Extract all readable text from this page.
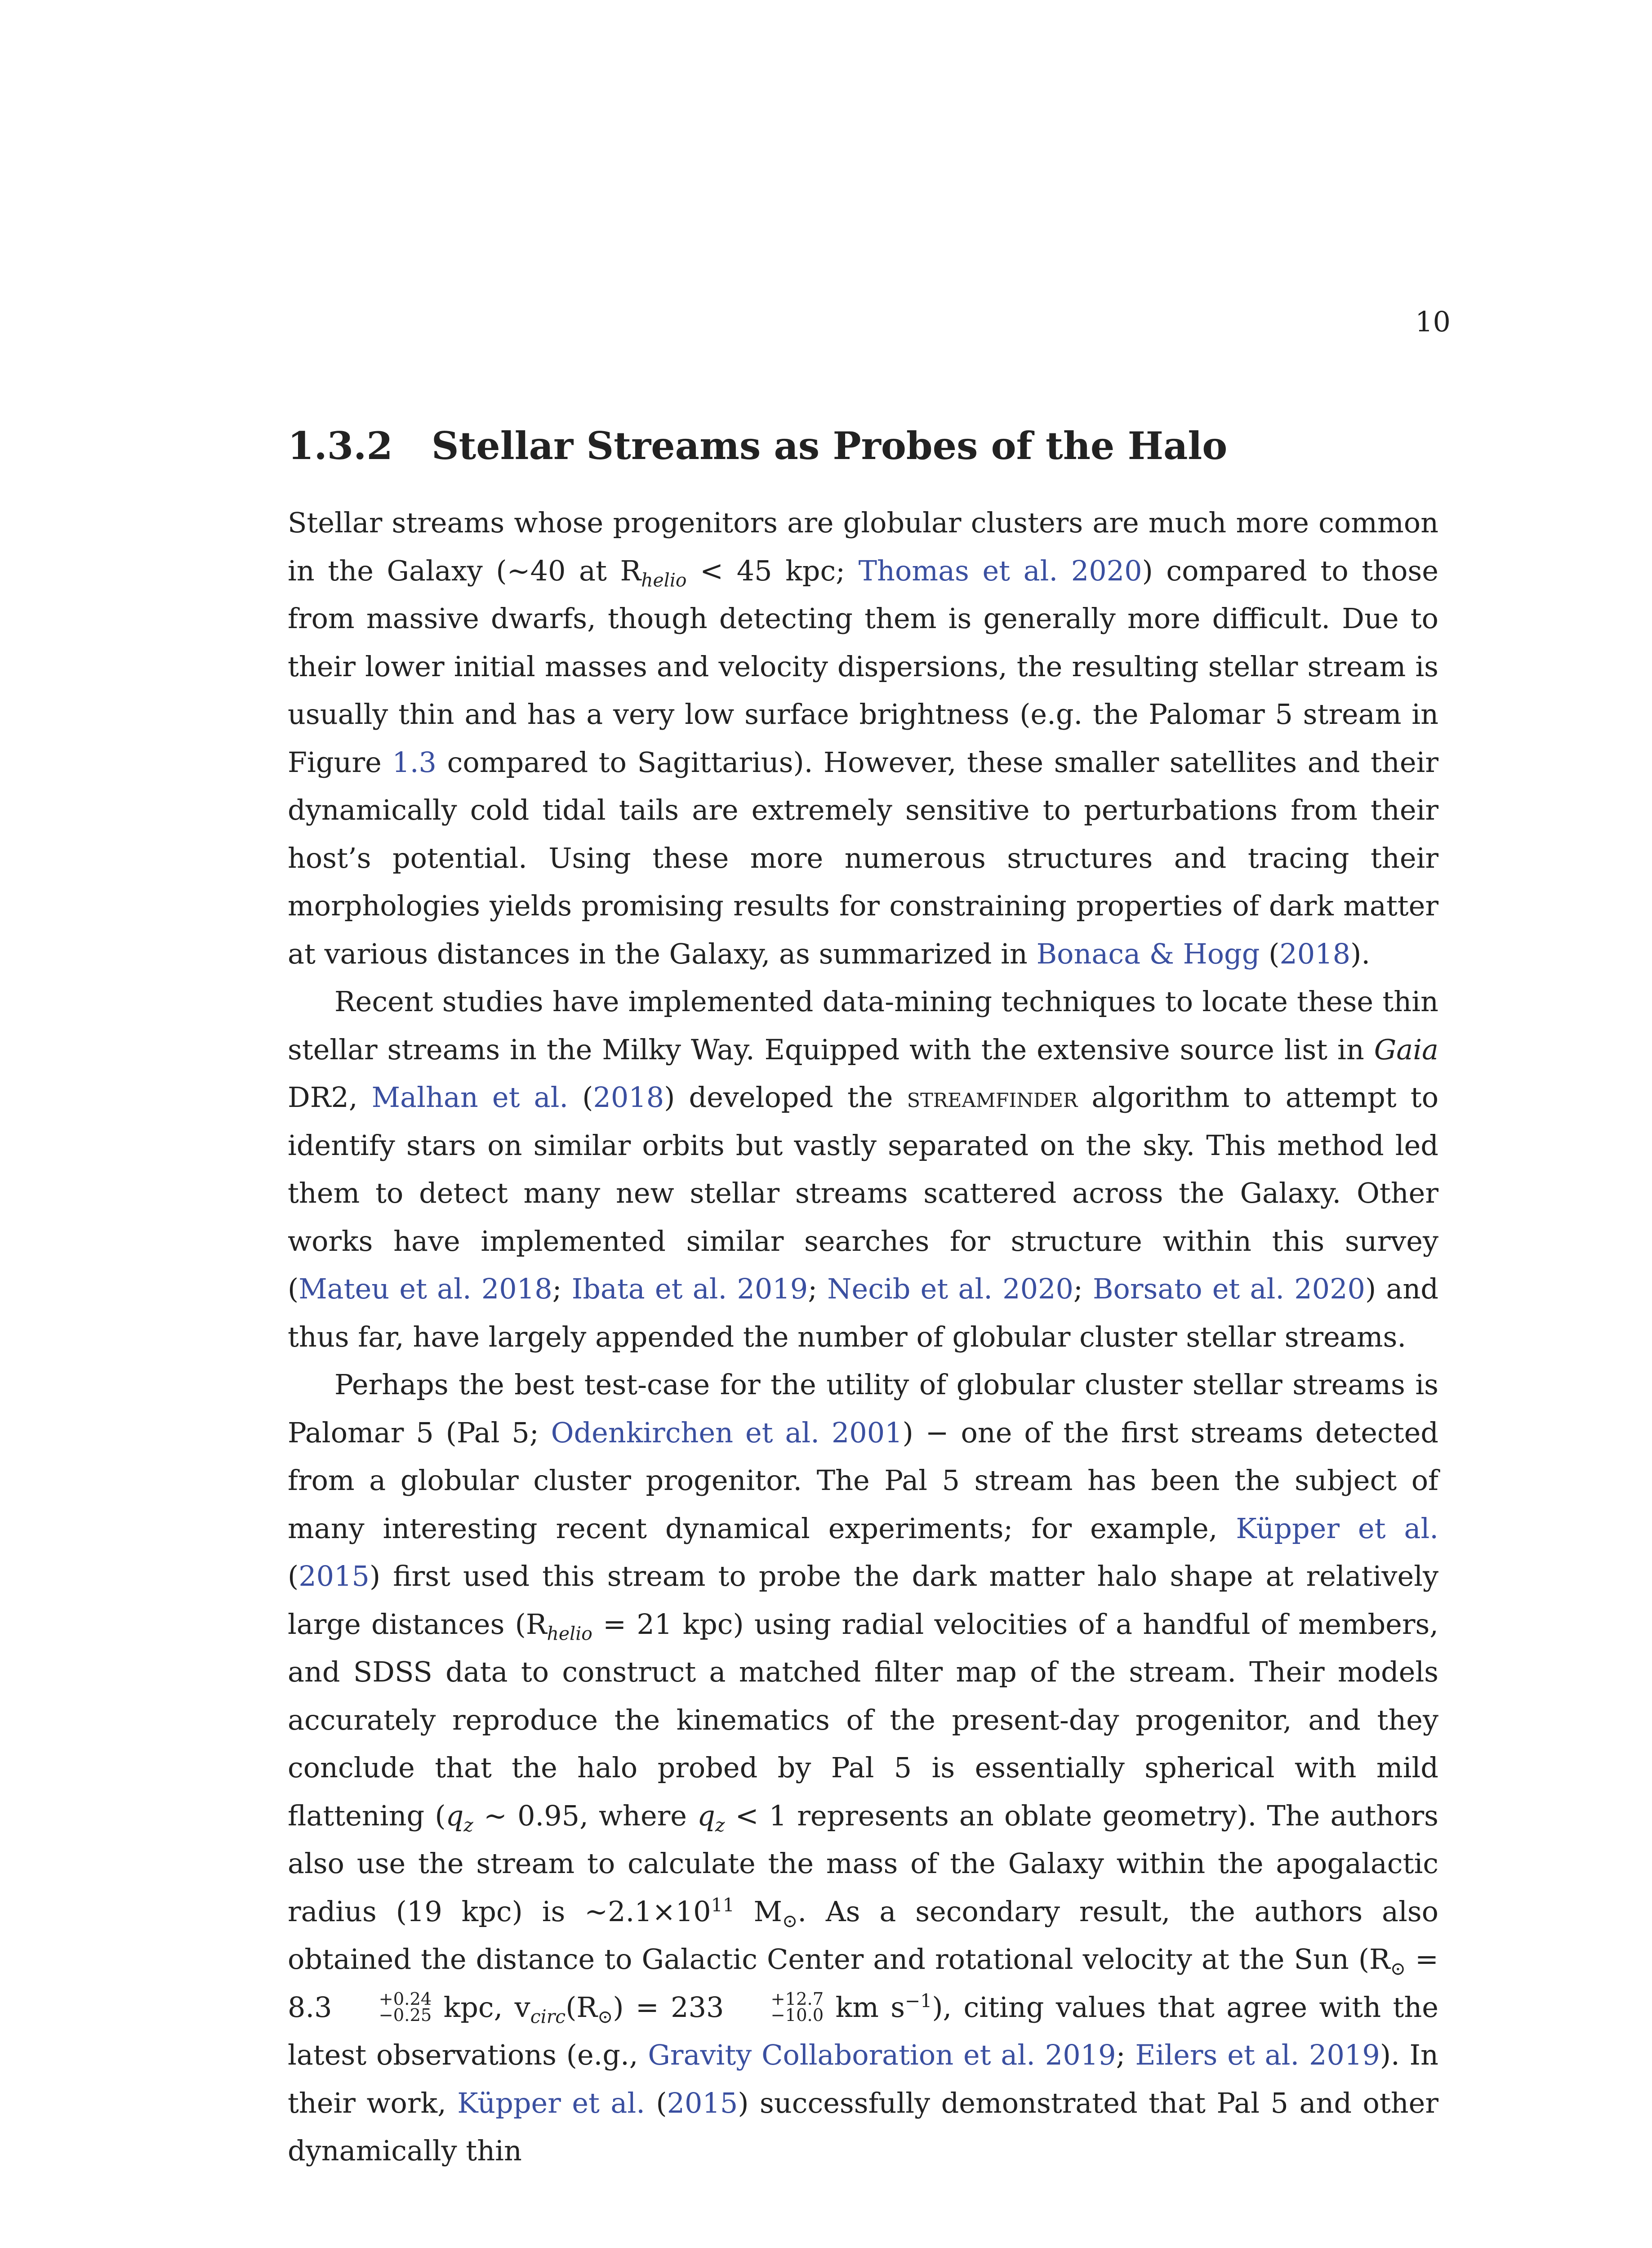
10
1.3.2 Stellar Streams as Probes of the Halo

Stellar streams whose progenitors are globular clusters are much more common in the Galaxy (∼40 at $R_{helio} < 45$ kpc; Thomas et al. 2020) compared to those from massive dwarfs, though detecting them is generally more difficult. Due to their lower initial masses and velocity dispersions, the resulting stellar stream is usually thin and has a very low surface brightness (e.g. the Palomar 5 stream in Figure 1.3 compared to Sagittarius). However, these smaller satellites and their dynamically cold tidal tails are extremely sensitive to perturbations from their host’s potential. Using these more numerous structures and tracing their morphologies yields promising results for constraining properties of dark matter at various distances in the Galaxy, as summarized in Bonaca & Hogg (2018).

Recent studies have implemented data-mining techniques to locate these thin stellar streams in the Milky Way. Equipped with the extensive source list in Gaia DR2, Malhan et al. (2018) developed the streamfinder algorithm to attempt to identify stars on similar orbits but vastly separated on the sky. This method led them to detect many new stellar streams scattered across the Galaxy. Other works have implemented similar searches for structure within this survey (Mateu et al. 2018; Ibata et al. 2019; Necib et al. 2020; Borsato et al. 2020) and thus far, have largely appended the number of globular cluster stellar streams.

Perhaps the best test-case for the utility of globular cluster stellar streams is Palomar 5 (Pal 5; Odenkirchen et al. 2001) − one of the first streams detected from a globular cluster progenitor. The Pal 5 stream has been the subject of many interesting recent dynamical experiments; for example, Küpper et al. (2015) first used this stream to probe the dark matter halo shape at relatively large distances ($R_{helio} = 21$ kpc) using radial velocities of a handful of members, and SDSS data to construct a matched filter map of the stream. Their models accurately reproduce the kinematics of the present-day progenitor, and they conclude that the halo probed by Pal 5 is essentially spherical with mild flattening ($q_z$ ∼ 0.95, where $q_z < 1$ represents an oblate geometry). The authors also use the stream to calculate the mass of the Galaxy within the apogalactic radius (19 kpc) is $\sim 2.1\times 10^{11}$ $M_⊙$. As a secondary result, the authors also obtained the distance to Galactic Center and rotational velocity at the Sun ($R_⊙ = 8.3$	+0.24
−0.25 kpc, $v_{circ}(R_⊙) = 233$	+12.7
−10.0 km $s^{-1}$), citing values that agree with the latest observations (e.g., Gravity Collaboration et al. 2019; Eilers et al. 2019). In their work, Küpper et al. (2015) successfully demonstrated that Pal 5 and other dynamically thin
